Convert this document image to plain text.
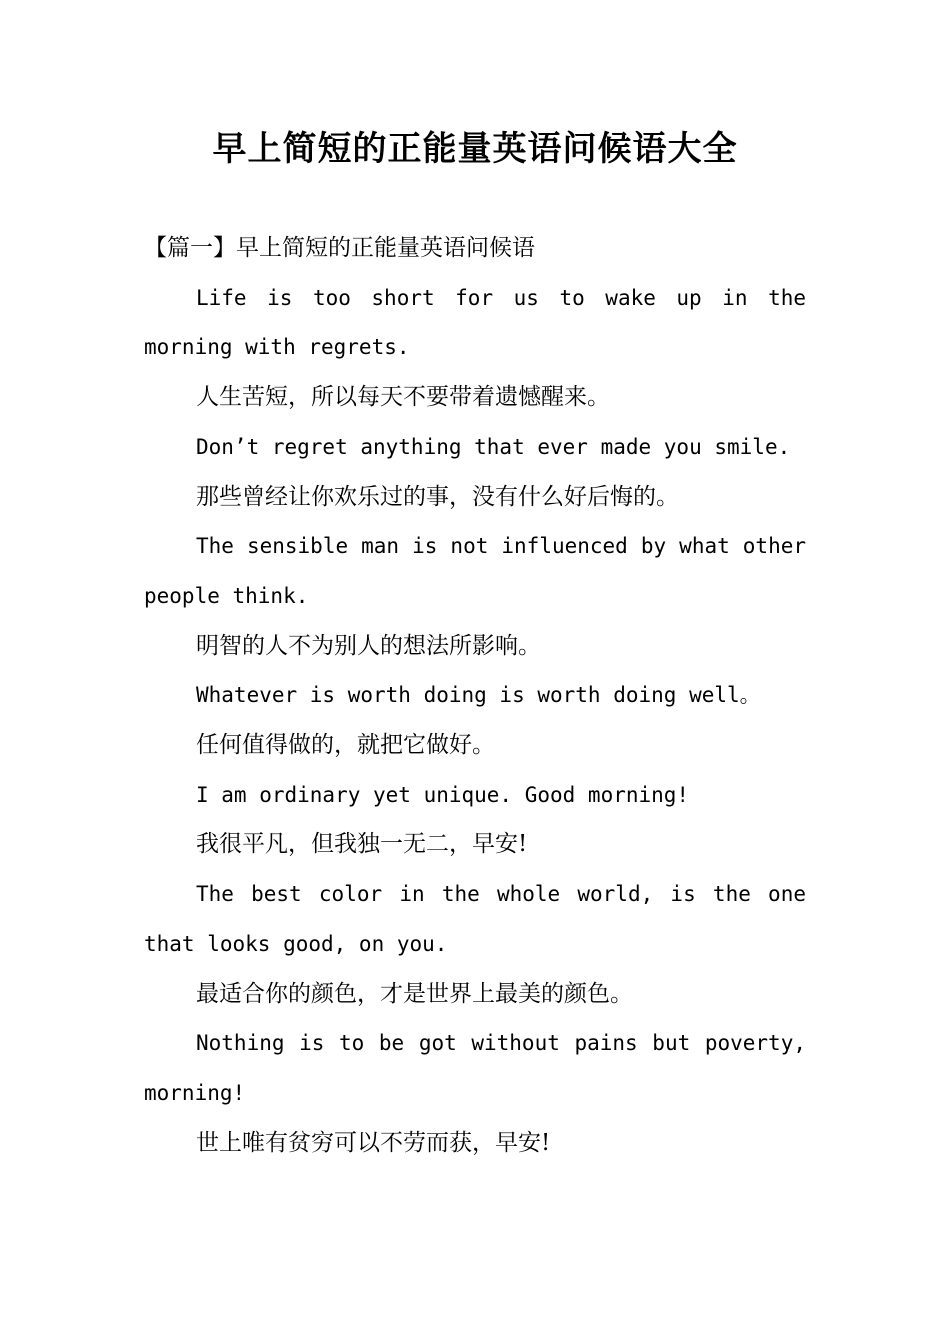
早上简短的正能量英语问候语大全

【篇一】早上简短的正能量英语问候语

Life is too short for us to wake up in the morning with regrets.

人生苦短，所以每天不要带着遗憾醒来。

Don’t regret anything that ever made you smile.

那些曾经让你欢乐过的事，没有什么好后悔的。

The sensible man is not influenced by what other people think.

明智的人不为别人的想法所影响。

Whatever is worth doing is worth doing well。

任何值得做的，就把它做好。

I am ordinary yet unique. Good morning!

我很平凡，但我独一无二，早安!

The best color in the whole world, is the one that looks good, on you.

最适合你的颜色，才是世界上最美的颜色。

Nothing is to be got without pains but poverty, morning!

世上唯有贫穷可以不劳而获，早安!
